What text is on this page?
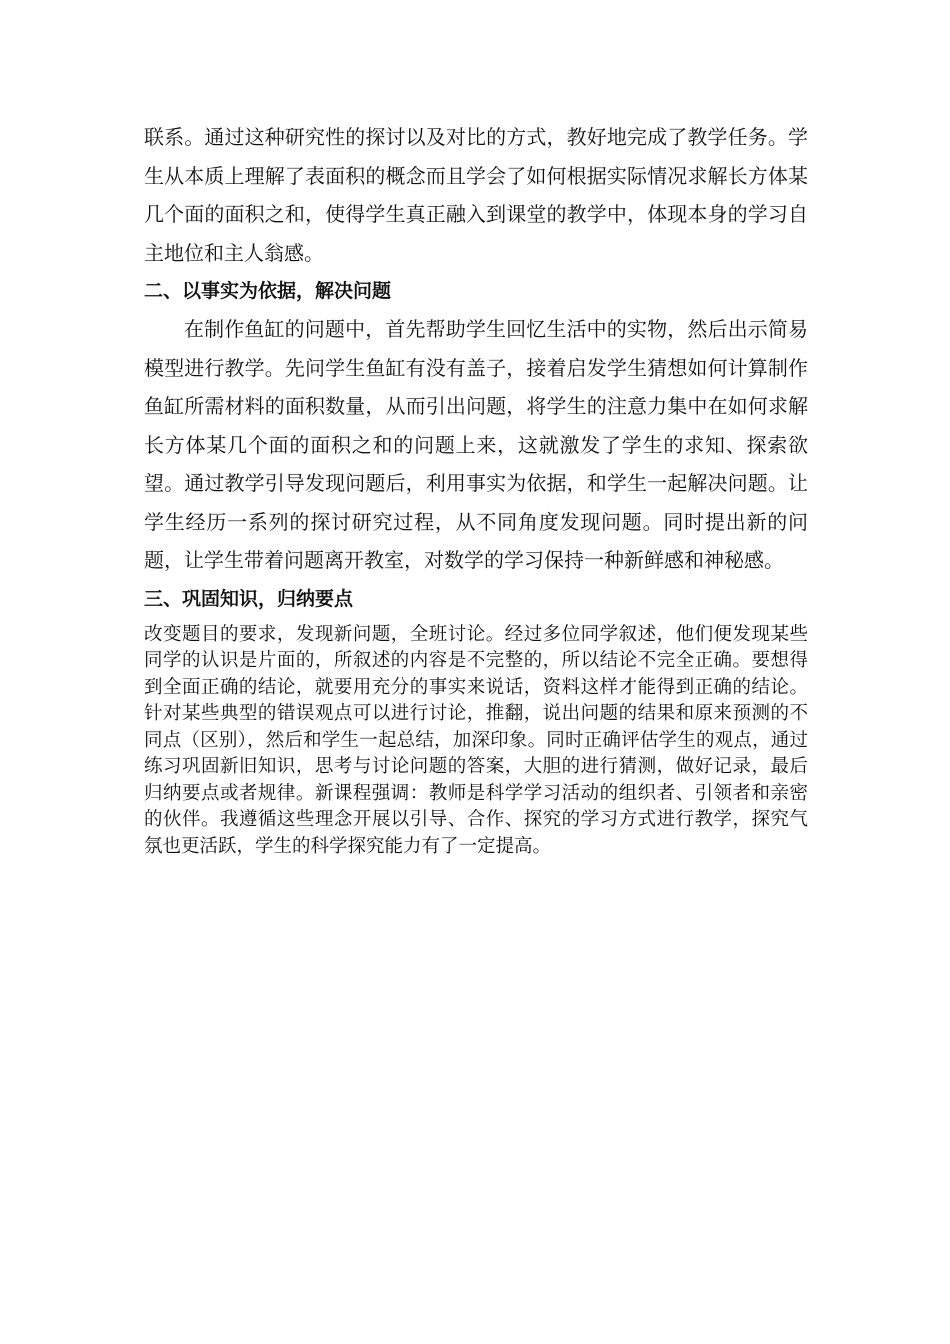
联系。通过这种研究性的探讨以及对比的方式，教好地完成了教学任务。学生从本质上理解了表面积的概念而且学会了如何根据实际情况求解长方体某几个面的面积之和，使得学生真正融入到课堂的教学中，体现本身的学习自主地位和主人翁感。

二、以事实为依据，解决问题

在制作鱼缸的问题中，首先帮助学生回忆生活中的实物，然后出示简易模型进行教学。先问学生鱼缸有没有盖子，接着启发学生猜想如何计算制作鱼缸所需材料的面积数量，从而引出问题，将学生的注意力集中在如何求解长方体某几个面的面积之和的问题上来，这就激发了学生的求知、探索欲望。通过教学引导发现问题后，利用事实为依据，和学生一起解决问题。让学生经历一系列的探讨研究过程，从不同角度发现问题。同时提出新的问题，让学生带着问题离开教室，对数学的学习保持一种新鲜感和神秘感。

三、巩固知识，归纳要点

改变题目的要求，发现新问题，全班讨论。经过多位同学叙述，他们便发现某些同学的认识是片面的，所叙述的内容是不完整的，所以结论不完全正确。要想得到全面正确的结论，就要用充分的事实来说话，资料这样才能得到正确的结论。针对某些典型的错误观点可以进行讨论，推翻，说出问题的结果和原来预测的不同点（区别），然后和学生一起总结，加深印象。同时正确评估学生的观点，通过练习巩固新旧知识，思考与讨论问题的答案，大胆的进行猜测，做好记录，最后归纳要点或者规律。新课程强调：教师是科学学习活动的组织者、引领者和亲密的伙伴。我遵循这些理念开展以引导、合作、探究的学习方式进行教学，探究气氛也更活跃，学生的科学探究能力有了一定提高。
